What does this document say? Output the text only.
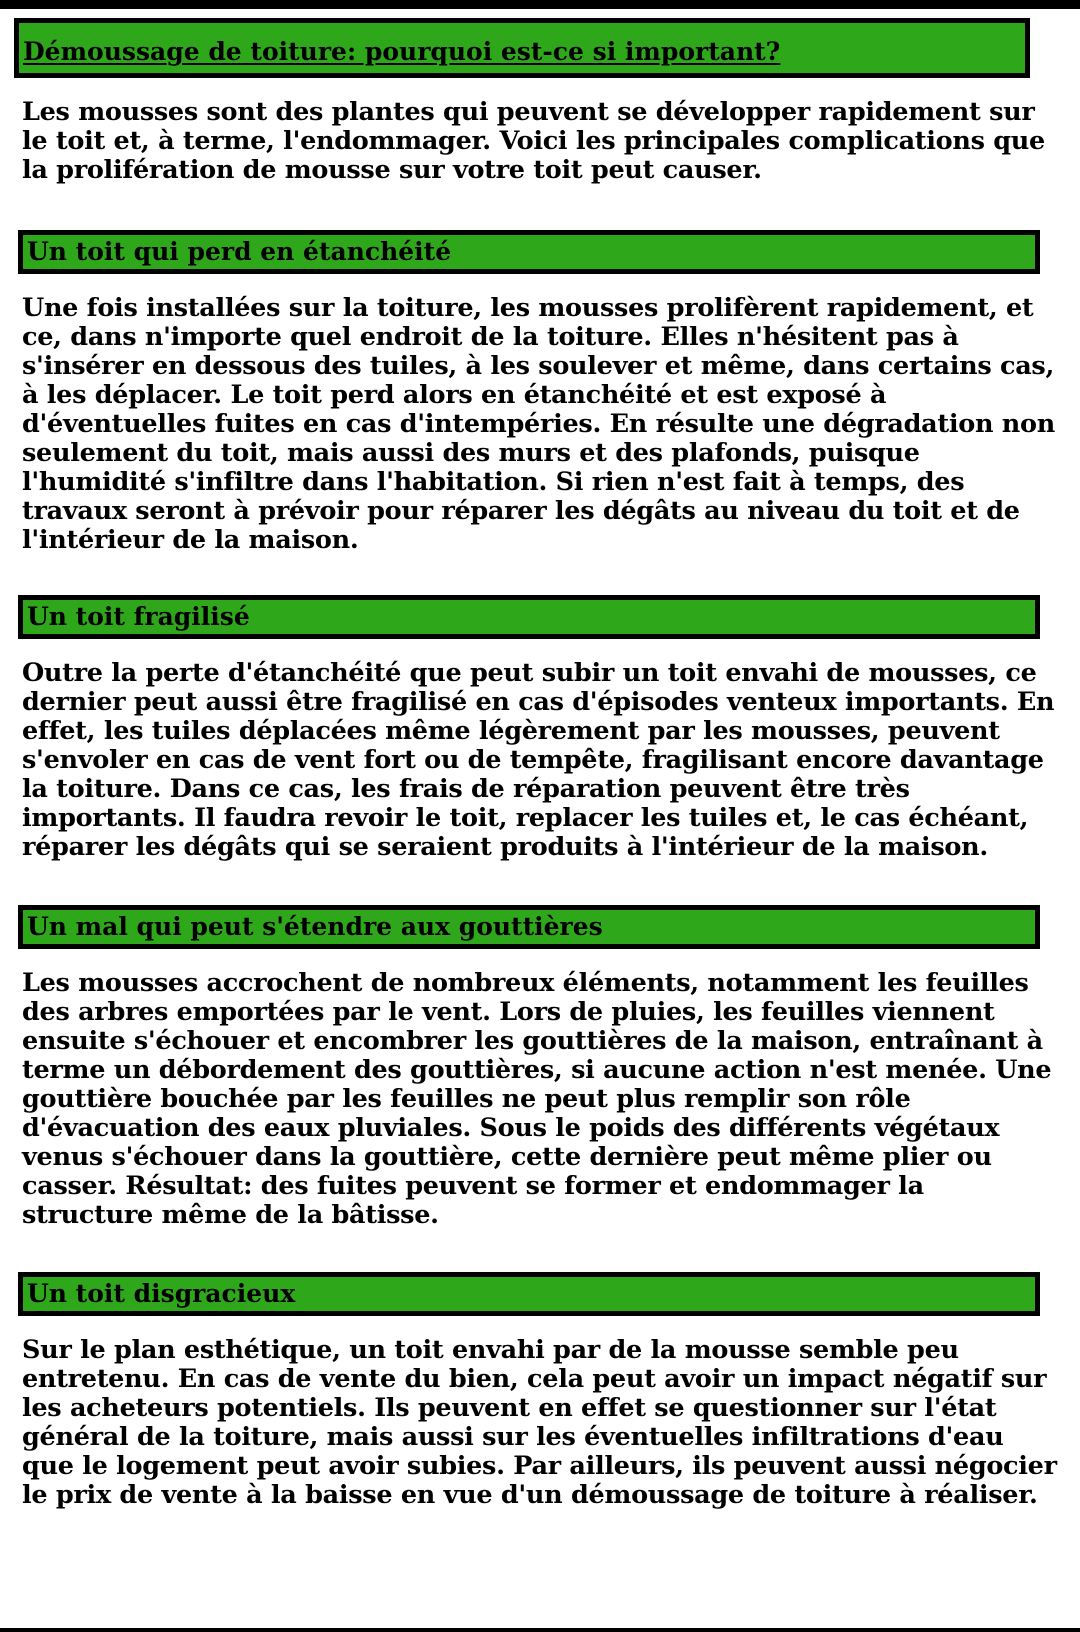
Démoussage de toiture: pourquoi est-ce si important?

Les mousses sont des plantes qui peuvent se développer rapidement sur le toit et, à terme, l'endommager. Voici les principales complications que la prolifération de mousse sur votre toit peut causer.

Un toit qui perd en étanchéité

Une fois installées sur la toiture, les mousses prolifèrent rapidement, et ce, dans n'importe quel endroit de la toiture. Elles n'hésitent pas à s'insérer en dessous des tuiles, à les soulever et même, dans certains cas, à les déplacer. Le toit perd alors en étanchéité et est exposé à d'éventuelles fuites en cas d'intempéries. En résulte une dégradation non seulement du toit, mais aussi des murs et des plafonds, puisque l'humidité s'infiltre dans l'habitation. Si rien n'est fait à temps, des travaux seront à prévoir pour réparer les dégâts au niveau du toit et de l'intérieur de la maison.

Un toit fragilisé

Outre la perte d'étanchéité que peut subir un toit envahi de mousses, ce dernier peut aussi être fragilisé en cas d'épisodes venteux importants. En effet, les tuiles déplacées même légèrement par les mousses, peuvent s'envoler en cas de vent fort ou de tempête, fragilisant encore davantage la toiture. Dans ce cas, les frais de réparation peuvent être très importants. Il faudra revoir le toit, replacer les tuiles et, le cas échéant, réparer les dégâts qui se seraient produits à l'intérieur de la maison.

Un mal qui peut s'étendre aux gouttières

Les mousses accrochent de nombreux éléments, notamment les feuilles des arbres emportées par le vent. Lors de pluies, les feuilles viennent ensuite s'échouer et encombrer les gouttières de la maison, entraînant à terme un débordement des gouttières, si aucune action n'est menée. Une gouttière bouchée par les feuilles ne peut plus remplir son rôle d'évacuation des eaux pluviales. Sous le poids des différents végétaux venus s'échouer dans la gouttière, cette dernière peut même plier ou casser. Résultat: des fuites peuvent se former et endommager la structure même de la bâtisse.

Un toit disgracieux

Sur le plan esthétique, un toit envahi par de la mousse semble peu entretenu. En cas de vente du bien, cela peut avoir un impact négatif sur les acheteurs potentiels. Ils peuvent en effet se questionner sur l'état général de la toiture, mais aussi sur les éventuelles infiltrations d'eau que le logement peut avoir subies. Par ailleurs, ils peuvent aussi négocier le prix de vente à la baisse en vue d'un démoussage de toiture à réaliser.
